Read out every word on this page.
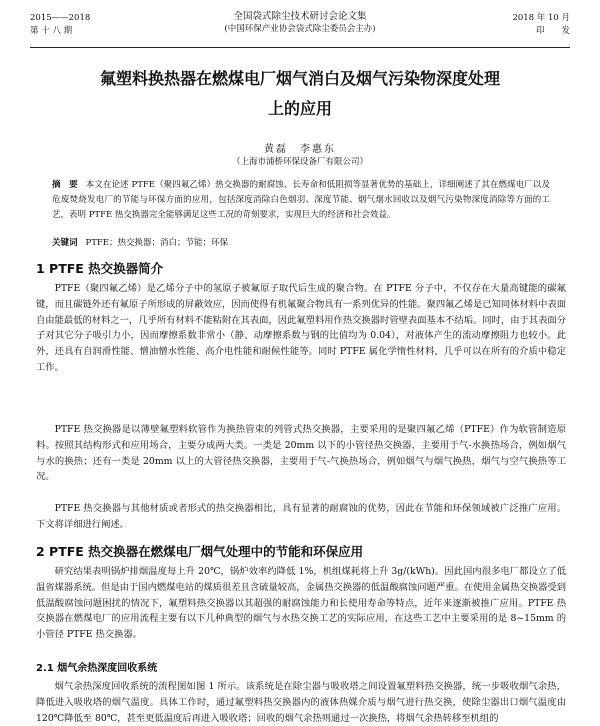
2015——2018
第 十 八 期
全国袋式除尘技术研讨会论文集
(中国环保产业协会袋式除尘委员会主办)
2018 年 10 月
印　　发
氟塑料换热器在燃煤电厂烟气消白及烟气污染物深度处理
上的应用
黄磊　李惠东
（上海市浦桥环保设备厂有限公司）
摘　要 本文在论述 PTFE（聚四氟乙烯）热交换器的耐腐蚀、长寿命和低阻损等显著优势的基础上，详细阐述了其在燃煤电厂以及危废焚烧发电厂的节能与环保方面的应用，包括深度消除白色烟羽、深度节能、烟气烟水回收以及烟气污染物深度消除等方面的工艺，表明 PTFE 热交换器完全能够满足这些工况的苛刻要求，实现巨大的经济和社会效益。
关键词 PTFE；热交换器；消白；节能；环保
1 PTFE 热交换器简介
PTFE（聚四氟乙烯）是乙烯分子中的氢原子被氟原子取代后生成的聚合物。在 PTFE 分子中，不仅存在大量高键能的碳氟键，而且碳链外还有氟原子所形成的屏蔽效应，因而使得有机氟聚合物具有一系列优异的性能。聚四氟乙烯是已知同体材料中表面自由能最低的材料之一，几乎所有材料不能粘附在其表面，因此氟塑料用作热交换器时管壁表面基本不结垢。同时，由于其表面分子对其它分子吸引力小，因而摩擦系数非常小（静、动摩擦系数与钢的比值均为 0.04），对液体产生的流动摩擦阻力也较小。此外，还具有自润滑性能、憎油憎水性能、高介电性能和耐候性能等。同时 PTFE 属化学惰性材料，几乎可以在所有的介质中稳定工作。
PTFE 热交换器是以薄壁氟塑料软管作为换热管束的列管式热交换器，主要采用的是聚四氟乙烯（PTFE）作为软管制造原料。按照其结构形式和应用场合，主要分成两大类。一类是 20mm 以下的小管径热交换器，主要用于气-水换热场合，例如烟气与水的换热；还有一类是 20mm 以上的大管径热交换器，主要用于气-气换热场合，例如烟气与烟气换热，烟气与空气换热等工况。
PTFE 热交换器与其他材质或者形式的热交换器相比，具有显著的耐腐蚀的优势，因此在节能和环保领域被广泛推广应用。下文将详细进行阐述。
2 PTFE 热交换器在燃煤电厂烟气处理中的节能和环保应用
研究结果表明锅炉排烟温度每上升 20℃，锅炉效率约降低 1%，机组煤耗将上升 3g/(kWh)。因此国内很多电厂都设立了低温省煤器系统。但是由于国内燃煤电站的煤质很差且含硫量较高，金属热交换器的低温酸腐蚀问题严重。在使用金属热交换器受到低温酸腐蚀问题困扰的情况下，氟塑料热交换器以其超强的耐腐蚀能力和长使用寿命等特点，近年来逐渐被推广应用。PTFE 热交换器在燃煤电厂的应用流程主要有以下几种典型的烟气与水热交换工艺的实际应用，在这些工艺中主要采用的是 8~15mm 的小管径 PTFE 热交换器。
2.1 烟气余热深度回收系统
烟气余热深度回收系统的流程图如图 1 所示。该系统是在除尘器与吸收塔之间设置氟塑料热交换器，统一步吸收烟气余热，降低进入吸收塔的烟气温度。具体工作时，通过氟塑料热交换器内的液体热媒介质与烟气进行热交换，使除尘器出口烟气温度由 120℃降低至 80℃，甚至更低温度后再进入吸收塔；回收的烟气余热则通过一次换热，将烟气余热转移至机组的
